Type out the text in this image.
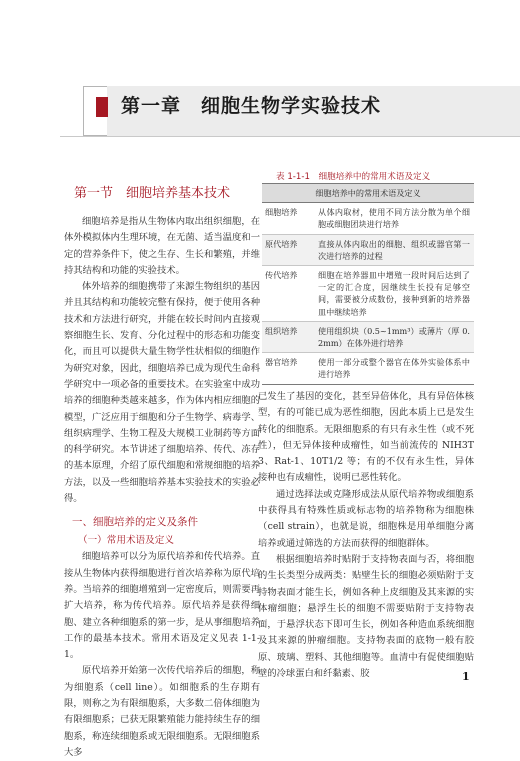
第一章　细胞生物学实验技术
第一节　细胞培养基本技术

细胞培养是指从生物体内取出组织细胞，在体外模拟体内生理环境，在无菌、适当温度和一定的营养条件下，使之生存、生长和繁殖，并维持其结构和功能的实验技术。

体外培养的细胞携带了来源生物组织的基因并且其结构和功能较完整有保持，便于使用各种技术和方法进行研究，并能在较长时间内直接观察细胞生长、发育、分化过程中的形态和功能变化，而且可以提供大量生物学性状相似的细胞作为研究对象，因此，细胞培养已成为现代生命科学研究中一项必备的重要技术。在实验室中成功培养的细胞种类越来越多，作为体内相应细胞的模型，广泛应用于细胞和分子生物学、病毒学、组织病理学、生物工程及大规模工业制药等方面的科学研究。本节讲述了细胞培养、传代、冻存的基本原理，介绍了原代细胞和常规细胞的培养方法，以及一些细胞培养基本实验技术的实验必得。

一、细胞培养的定义及条件
（一）常用术语及定义

细胞培养可以分为原代培养和传代培养。直接从生物体内获得细胞进行首次培养称为原代培养。当培养的细胞增殖到一定密度后，则需要再扩大培养，称为传代培养。原代培养是获得细胞、建立各种细胞系的第一步，是从事细胞培养工作的最基本技术。常用术语及定义见表 1-1-1。

原代培养开始第一次传代培养后的细胞，称为细胞系（cell line）。如细胞系的生存期有限，则称之为有限细胞系，大多数二倍体细胞为有限细胞系；已获无限繁殖能力能持续生存的细胞系，称连续细胞系或无限细胞系。无限细胞系大多

表 1-1-1　细胞培养中的常用术语及定义
细胞培养中的常用术语及定义	
细胞培养	从体内取材，使用不同方法分散为单个细胞或细胞团块进行培养
原代培养	直接从体内取出的细胞、组织或器官第一次进行培养的过程
传代培养	细胞在培养器皿中增殖一段时间后达到了一定的汇合度，因继续生长投有足够空间，需要被分成数份，接种到新的培养器皿中继续培养
组织培养	使用组织块（0.5~1mm³）或薄片（厚 0.2mm）在体外进行培养
器官培养	使用一部分或整个器官在体外实验体系中进行培养

已发生了基因的变化，甚至异倍体化，具有异倍体核型，有的可能已成为恶性细胞，因此本质上已是发生转化的细胞系。无限细胞系的有只有永生性（或不死性），但无异体接种成瘤性，如当前流传的 NIH3T3、Rat-1、10T1/2 等；有的不仅有永生性，异体接种也有成瘤性，说明已恶性转化。

通过选择法或克隆形成法从原代培养物或细胞系中获得具有特殊性质或标志物的培养物称为细胞株（cell strain），也就是说，细胞株是用单细胞分离培养或通过筛选的方法而获得的细胞群体。

根据细胞培养时贴附于支持物表面与否，将细胞的生长类型分成两类：贴壁生长的细胞必须贴附于支持物表面才能生长，例如各种上皮细胞及其来源的实体瘤细胞；悬浮生长的细胞不需要贴附于支持物表面，于悬浮状态下即可生长，例如各种造血系统细胞及其来源的肿瘤细胞。支持物表面的底物一般有胶原、玻璃、塑料、其他细胞等。血清中有促使细胞贴壁的冷球蛋白和纤黏素、胶	1
